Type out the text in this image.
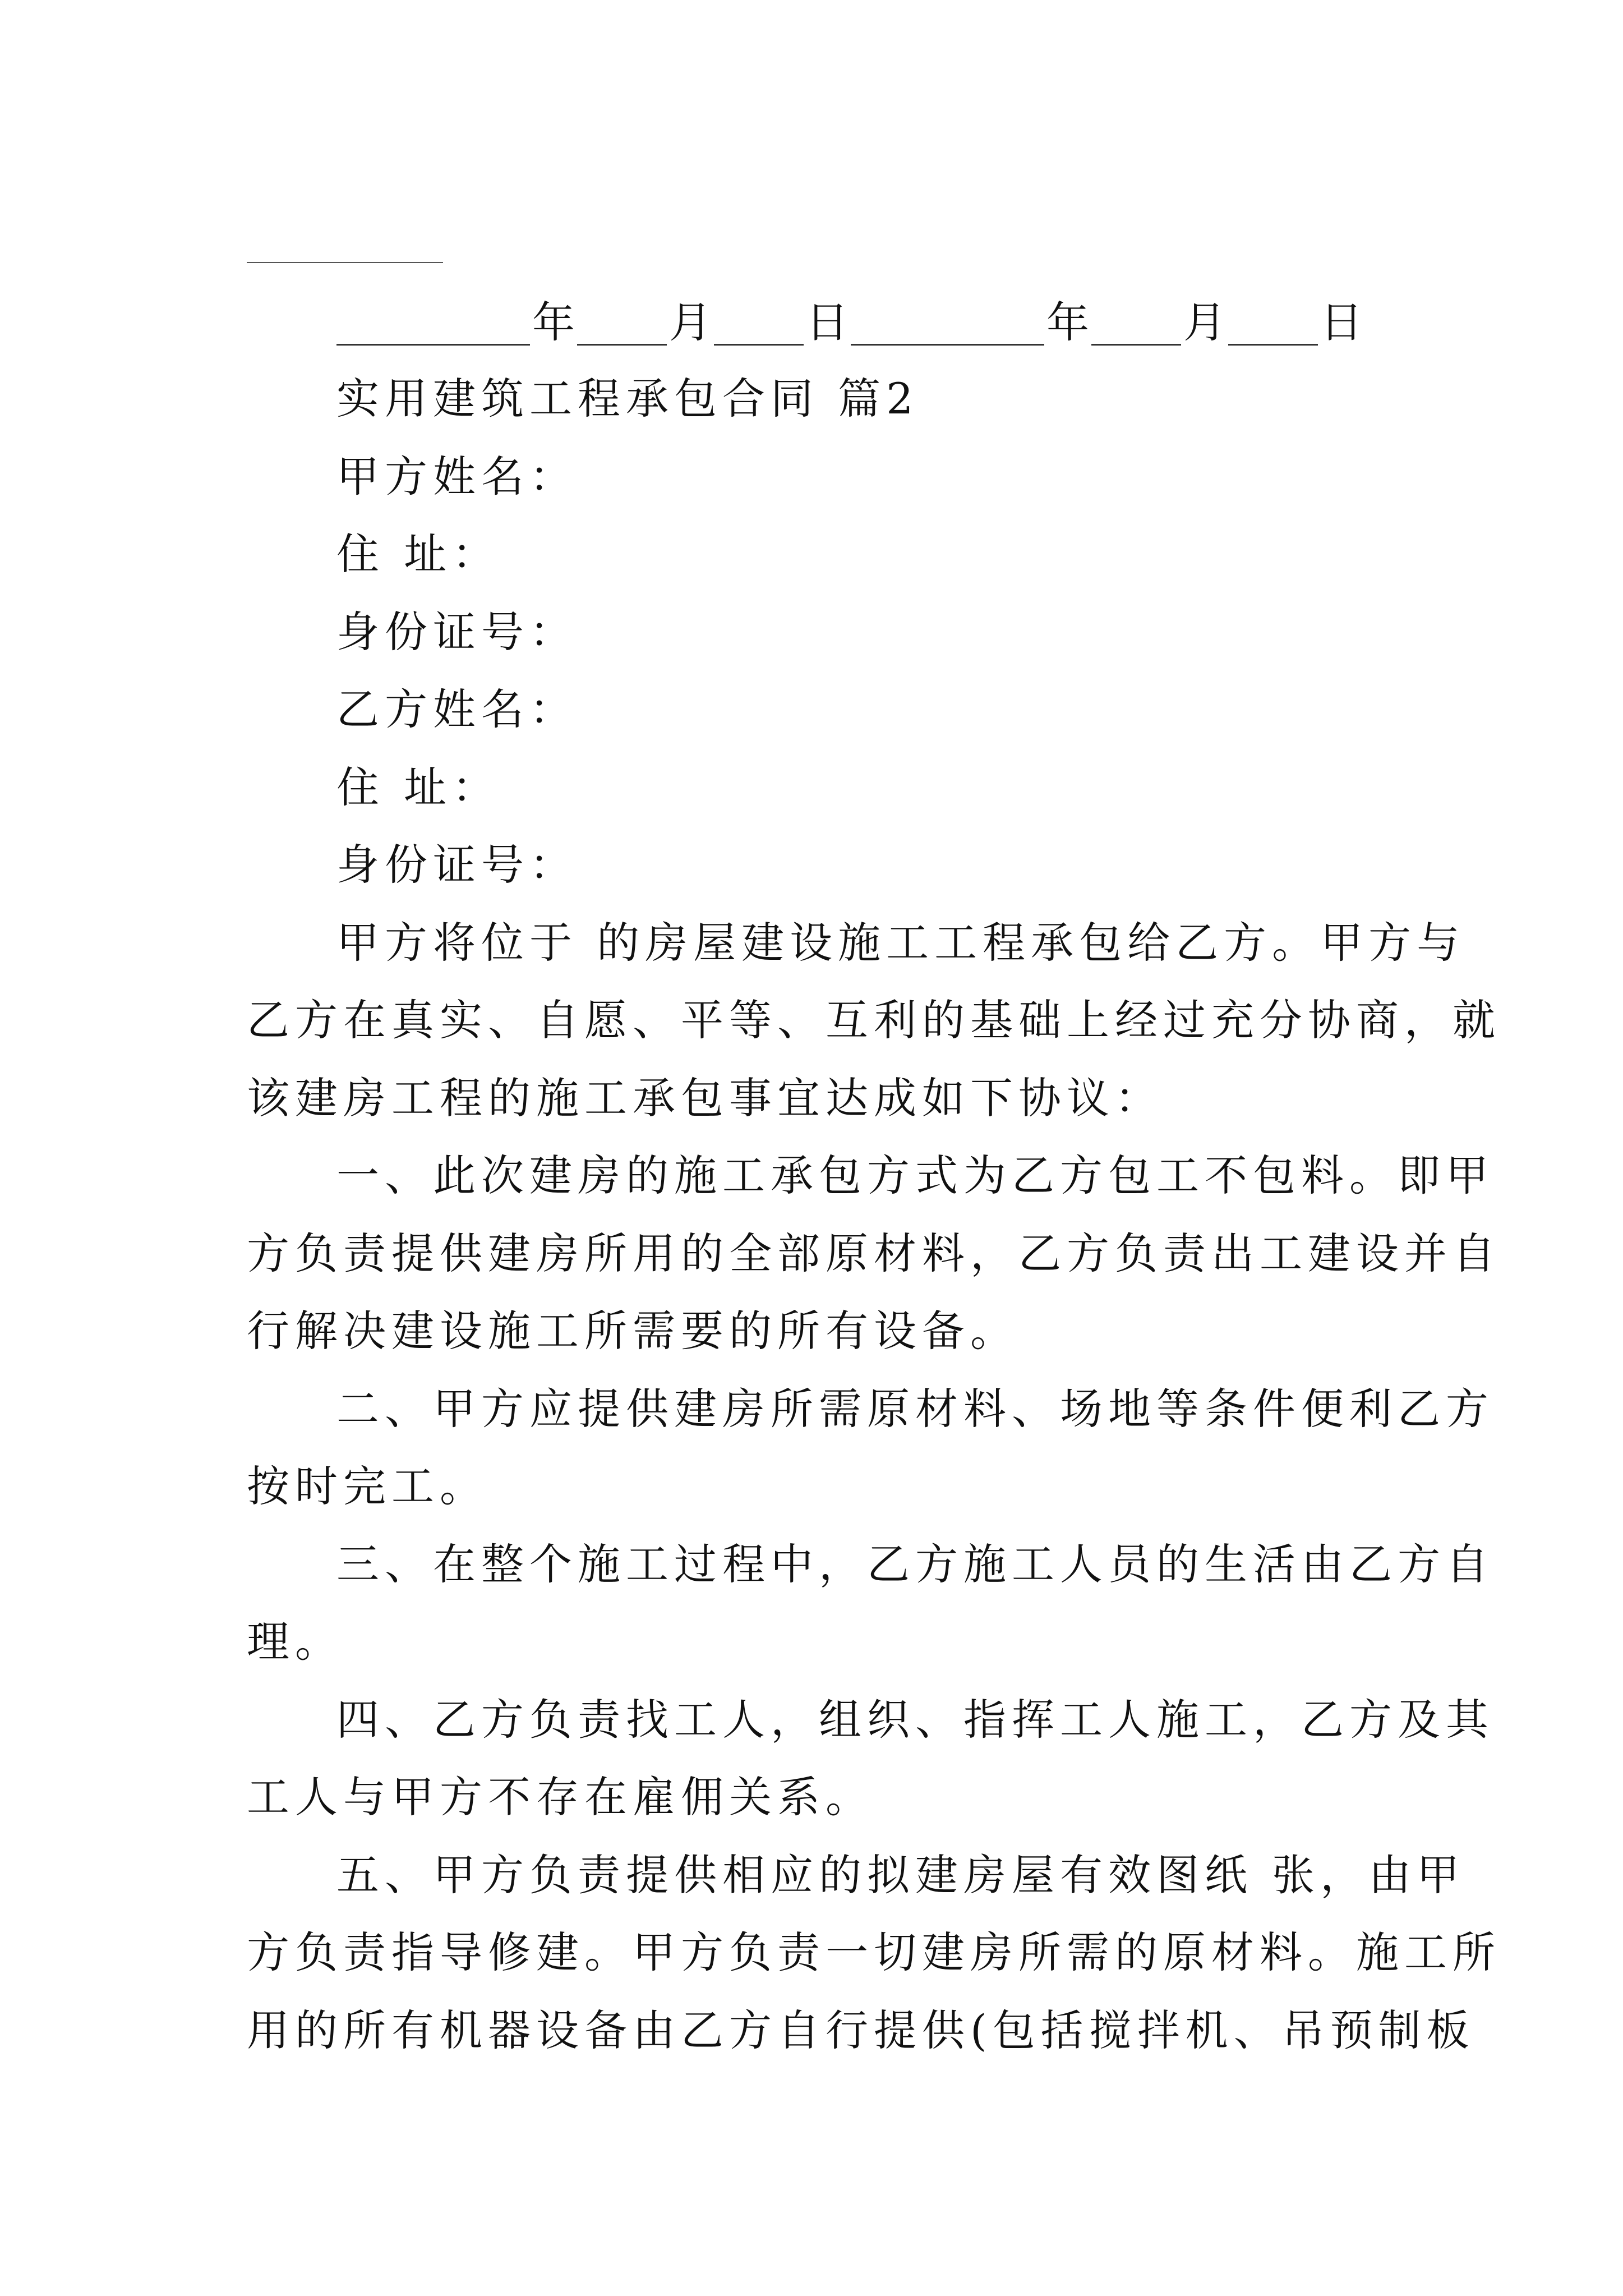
年 月 日	年 月 日
实用建筑工程承包合同 篇2
甲方姓名：
住 址：
身份证号：
乙方姓名：
住 址：
身份证号：
甲方将位于 的房屋建设施工工程承包给乙方。甲方与
乙方在真实、自愿、平等、互利的基础上经过充分协商，就
该建房工程的施工承包事宜达成如下协议：
一、此次建房的施工承包方式为乙方包工不包料。即甲
方负责提供建房所用的全部原材料，乙方负责出工建设并自
行解决建设施工所需要的所有设备。
二、甲方应提供建房所需原材料、场地等条件便利乙方
按时完工。
三、在整个施工过程中，乙方施工人员的生活由乙方自
理。
四、乙方负责找工人，组织、指挥工人施工，乙方及其
工人与甲方不存在雇佣关系。
五、甲方负责提供相应的拟建房屋有效图纸 张，由甲
方负责指导修建。甲方负责一切建房所需的原材料。施工所
用的所有机器设备由乙方自行提供(包括搅拌机、吊预制板
